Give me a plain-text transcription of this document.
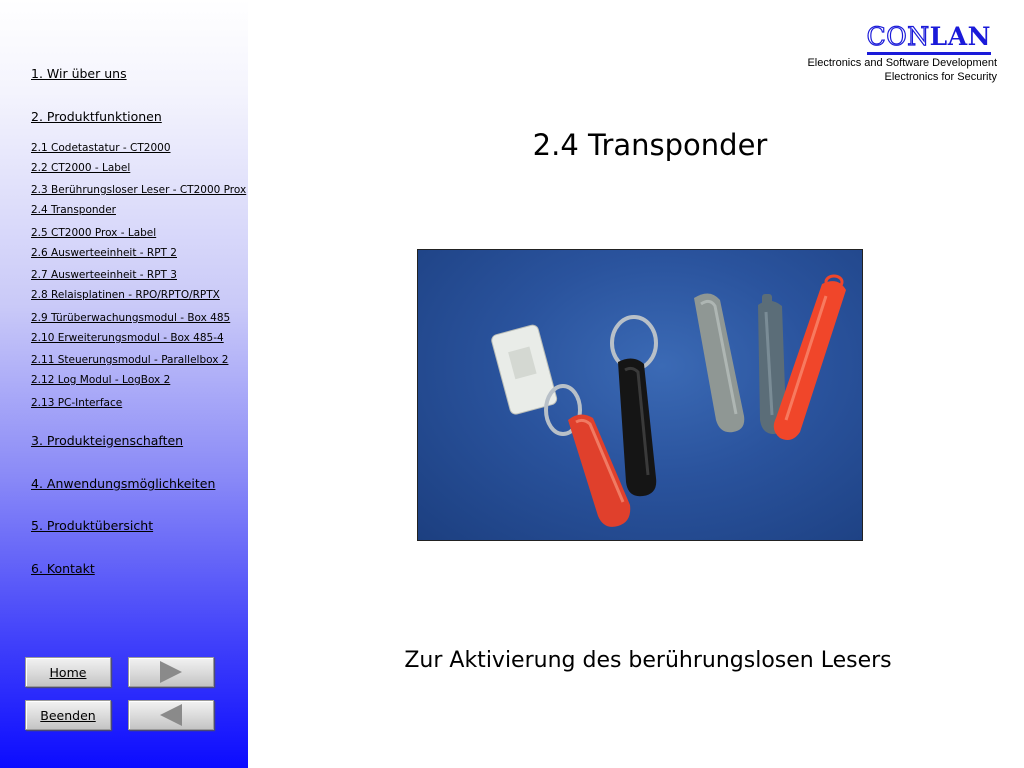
1. Wir über uns
2. Produktfunktionen
2.1 Codetastatur - CT2000
2.2 CT2000 - Label
2.3 Berührungsloser Leser - CT2000 Prox
2.4 Transponder
2.5 CT2000 Prox - Label
2.6 Auswerteeinheit - RPT 2
2.7 Auswerteeinheit - RPT 3
2.8 Relaisplatinen - RPO/RPTO/RPTX
2.9 Türüberwachungsmodul - Box 485
2.10 Erweiterungsmodul - Box 485-4
2.11 Steuerungsmodul - Parallelbox 2
2.12 Log Modul - LogBox 2
2.13 PC-Interface
3. Produkteigenschaften
4. Anwendungsmöglichkeiten
5. Produktübersicht
6. Kontakt
Home
Beenden
CONLAN
Electronics and Software Development
Electronics for Security
2.4 Transponder
Zur Aktivierung des berührungslosen Lesers
